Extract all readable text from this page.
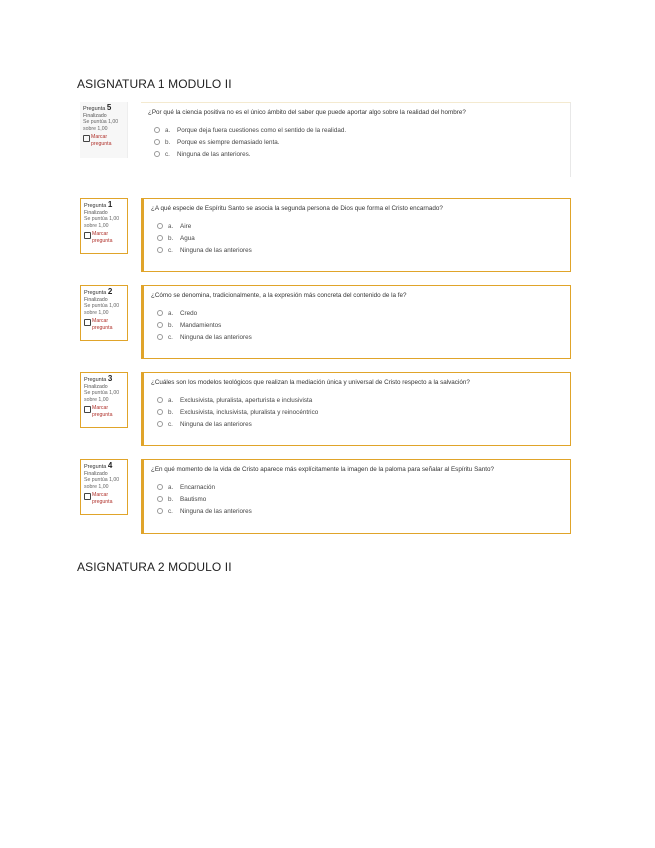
ASIGNATURA 1 MODULO II
Pregunta 5
Finalizado
Se puntúa 1,00 sobre 1,00
Marcar pregunta

¿Por qué la ciencia positiva no es el único ámbito del saber que puede aportar algo sobre la realidad del hombre?

a.	Porque deja fuera cuestiones como el sentido de la realidad.
b.	Porque es siempre demasiado lenta.
c.	Ninguna de las anteriores.
Pregunta 1
Finalizado
Se puntúa 1,00 sobre 1,00
Marcar pregunta

¿A qué especie de Espíritu Santo se asocia la segunda persona de Dios que forma el Cristo encarnado?

a.	Aire
b.	Agua
c.	Ninguna de las anteriores
Pregunta 2
Finalizado
Se puntúa 1,00 sobre 1,00
Marcar pregunta

¿Cómo se denomina, tradicionalmente, a la expresión más concreta del contenido de la fe?

a.	Credo
b.	Mandamientos
c.	Ninguna de las anteriores
Pregunta 3
Finalizado
Se puntúa 1,00 sobre 1,00
Marcar pregunta

¿Cuáles son los modelos teológicos que realizan la mediación única y universal de Cristo respecto a la salvación?

a.	Exclusivista, pluralista, aperturista e inclusivista
b.	Exclusivista, inclusivista, pluralista y reinocéntrico
c.	Ninguna de las anteriores
Pregunta 4
Finalizado
Se puntúa 1,00 sobre 1,00
Marcar pregunta

¿En qué momento de la vida de Cristo aparece más explícitamente la imagen de la paloma para señalar al Espíritu Santo?

a.	Encarnación
b.	Bautismo
c.	Ninguna de las anteriores
ASIGNATURA 2 MODULO II
